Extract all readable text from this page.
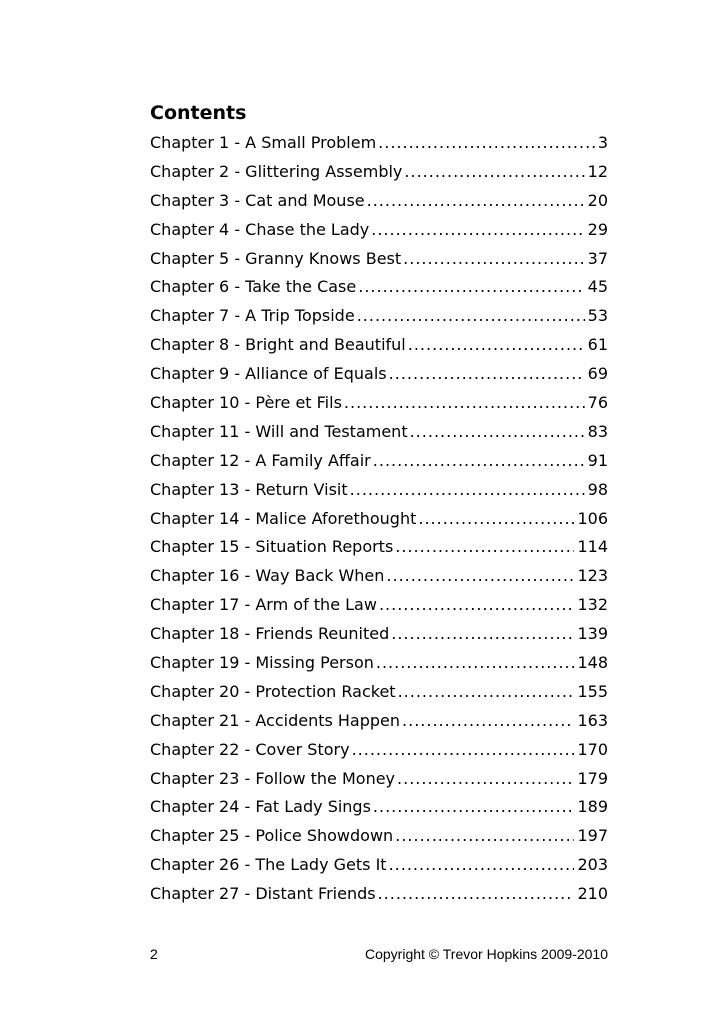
Contents
Chapter 1 - A Small Problem .....	3
Chapter 2 - Glittering Assembly .....	12
Chapter 3 - Cat and Mouse .....	20
Chapter 4 - Chase the Lady .....	29
Chapter 5 - Granny Knows Best .....	37
Chapter 6 - Take the Case .....	45
Chapter 7 - A Trip Topside .....	53
Chapter 8 - Bright and Beautiful .....	61
Chapter 9 - Alliance of Equals .....	69
Chapter 10 - Père et Fils .....	76
Chapter 11 - Will and Testament .....	83
Chapter 12 - A Family Affair .....	91
Chapter 13 - Return Visit .....	98
Chapter 14 - Malice Aforethought .....	106
Chapter 15 - Situation Reports .....	114
Chapter 16 - Way Back When .....	123
Chapter 17 - Arm of the Law .....	132
Chapter 18 - Friends Reunited .....	139
Chapter 19 - Missing Person .....	148
Chapter 20 - Protection Racket .....	155
Chapter 21 - Accidents Happen .....	163
Chapter 22 - Cover Story .....	170
Chapter 23 - Follow the Money .....	179
Chapter 24 - Fat Lady Sings .....	189
Chapter 25 - Police Showdown .....	197
Chapter 26 - The Lady Gets It .....	203
Chapter 27 - Distant Friends .....	210
2	Copyright © Trevor Hopkins 2009-2010
